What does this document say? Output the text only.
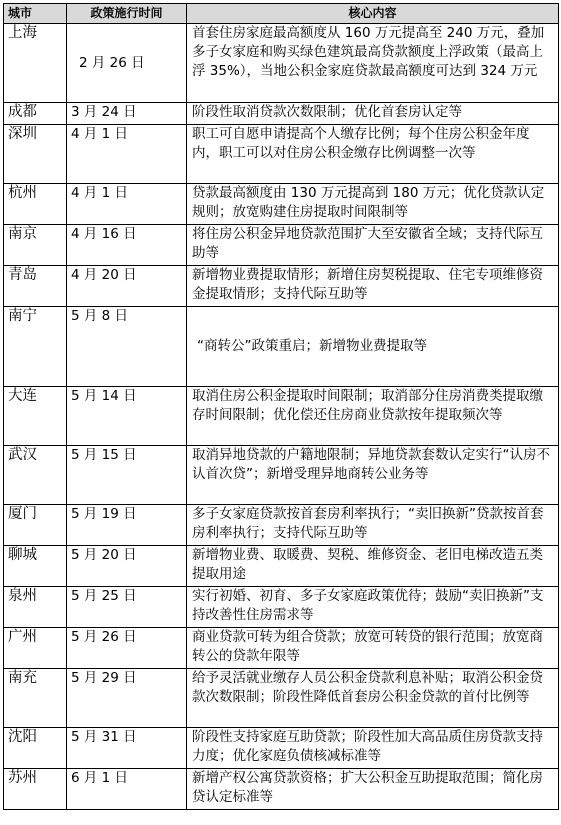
城市	政策施行时间	核心内容
上海	2 月 26 日	首套住房家庭最高额度从 160 万元提高至 240 万元，叠加多子女家庭和购买绿色建筑最高贷款额度上浮政策（最高上浮 35%），当地公积金家庭贷款最高额度可达到 324 万元
成都	3 月 24 日	阶段性取消贷款次数限制；优化首套房认定等
深圳	4 月 1 日	职工可自愿申请提高个人缴存比例；每个住房公积金年度内，职工可以对住房公积金缴存比例调整一次等
杭州	4 月 1 日	贷款最高额度由 130 万元提高到 180 万元；优化贷款认定规则；放宽购建住房提取时间限制等
南京	4 月 16 日	将住房公积金异地贷款范围扩大至安徽省全域；支持代际互助等
青岛	4 月 20 日	新增物业费提取情形；新增住房契税提取、住宅专项维修资金提取情形；支持代际互助等
南宁	5 月 8 日	“商转公”政策重启；新增物业费提取等
大连	5 月 14 日	取消住房公积金提取时间限制；取消部分住房消费类提取缴存时间限制；优化偿还住房商业贷款按年提取频次等
武汉	5 月 15 日	取消异地贷款的户籍地限制；异地贷款套数认定实行“认房不认首次贷”；新增受理异地商转公业务等
厦门	5 月 19 日	多子女家庭贷款按首套房利率执行；“卖旧换新”贷款按首套房利率执行；支持代际互助等
聊城	5 月 20 日	新增物业费、取暖费、契税、维修资金、老旧电梯改造五类提取用途
泉州	5 月 25 日	实行初婚、初育、多子女家庭政策优待；鼓励“卖旧换新”支持改善性住房需求等
广州	5 月 26 日	商业贷款可转为组合贷款；放宽可转贷的银行范围；放宽商转公的贷款年限等
南充	5 月 29 日	给予灵活就业缴存人员公积金贷款利息补贴；取消公积金贷款次数限制；阶段性降低首套房公积金贷款的首付比例等
沈阳	5 月 31 日	阶段性支持家庭互助贷款；阶段性加大高品质住房贷款支持力度；优化家庭负债核减标准等
苏州	6 月 1 日	新增产权公寓贷款资格；扩大公积金互助提取范围；简化房贷认定标准等
